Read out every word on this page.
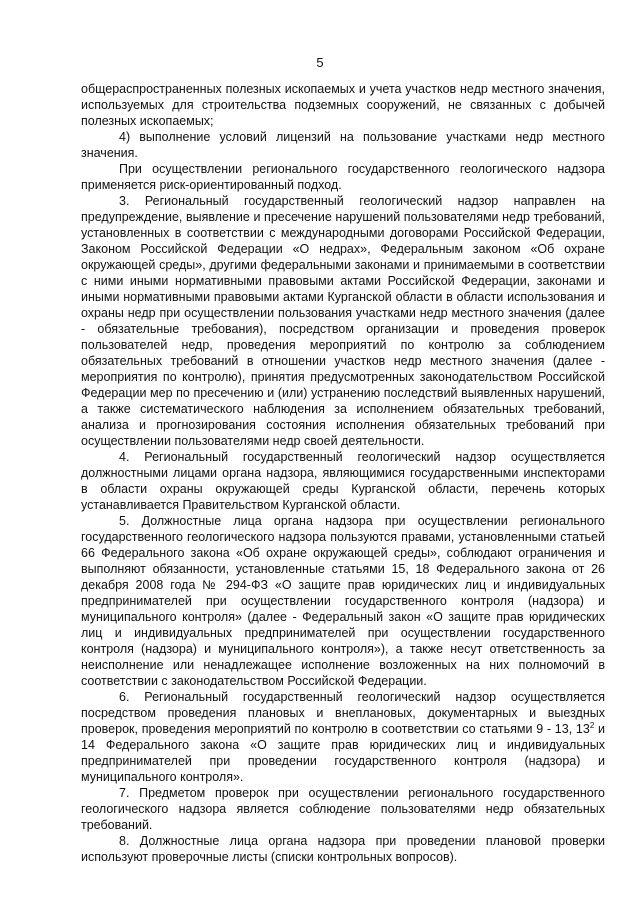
5

общераспространенных полезных ископаемых и учета участков недр местного значения, используемых для строительства подземных сооружений, не связанных с добычей полезных ископаемых;

4) выполнение условий лицензий на пользование участками недр местного значения.

При осуществлении регионального государственного геологического надзора применяется риск-ориентированный подход.

3. Региональный государственный геологический надзор направлен на предупреждение, выявление и пресечение нарушений пользователями недр требований, установленных в соответствии с международными договорами Российской Федерации, Законом Российской Федерации «О недрах», Федеральным законом «Об охране окружающей среды», другими федеральными законами и принимаемыми в соответствии с ними иными нормативными правовыми актами Российской Федерации, законами и иными нормативными правовыми актами Курганской области в области использования и охраны недр при осуществлении пользования участками недр местного значения (далее - обязательные требования), посредством организации и проведения проверок пользователей недр, проведения мероприятий по контролю за соблюдением обязательных требований в отношении участков недр местного значения (далее - мероприятия по контролю), принятия предусмотренных законодательством Российской Федерации мер по пресечению и (или) устранению последствий выявленных нарушений, а также систематического наблюдения за исполнением обязательных требований, анализа и прогнозирования состояния исполнения обязательных требований при осуществлении пользователями недр своей деятельности.

4. Региональный государственный геологический надзор осуществляется должностными лицами органа надзора, являющимися государственными инспекторами в области охраны окружающей среды Курганской области, перечень которых устанавливается Правительством Курганской области.

5. Должностные лица органа надзора при осуществлении регионального государственного геологического надзора пользуются правами, установленными статьей 66 Федерального закона «Об охране окружающей среды», соблюдают ограничения и выполняют обязанности, установленные статьями 15, 18 Федерального закона от 26 декабря 2008 года № 294-ФЗ «О защите прав юридических лиц и индивидуальных предпринимателей при осуществлении государственного контроля (надзора) и муниципального контроля» (далее - Федеральный закон «О защите прав юридических лиц и индивидуальных предпринимателей при осуществлении государственного контроля (надзора) и муниципального контроля»), а также несут ответственность за неисполнение или ненадлежащее исполнение возложенных на них полномочий в соответствии с законодательством Российской Федерации.

6. Региональный государственный геологический надзор осуществляется посредством проведения плановых и внеплановых, документарных и выездных проверок, проведения мероприятий по контролю в соответствии со статьями 9 - 13, $13^2$ и 14 Федерального закона «О защите прав юридических лиц и индивидуальных предпринимателей при проведении государственного контроля (надзора) и муниципального контроля».

7. Предметом проверок при осуществлении регионального государственного геологического надзора является соблюдение пользователями недр обязательных требований.

8. Должностные лица органа надзора при проведении плановой проверки используют проверочные листы (списки контрольных вопросов).
